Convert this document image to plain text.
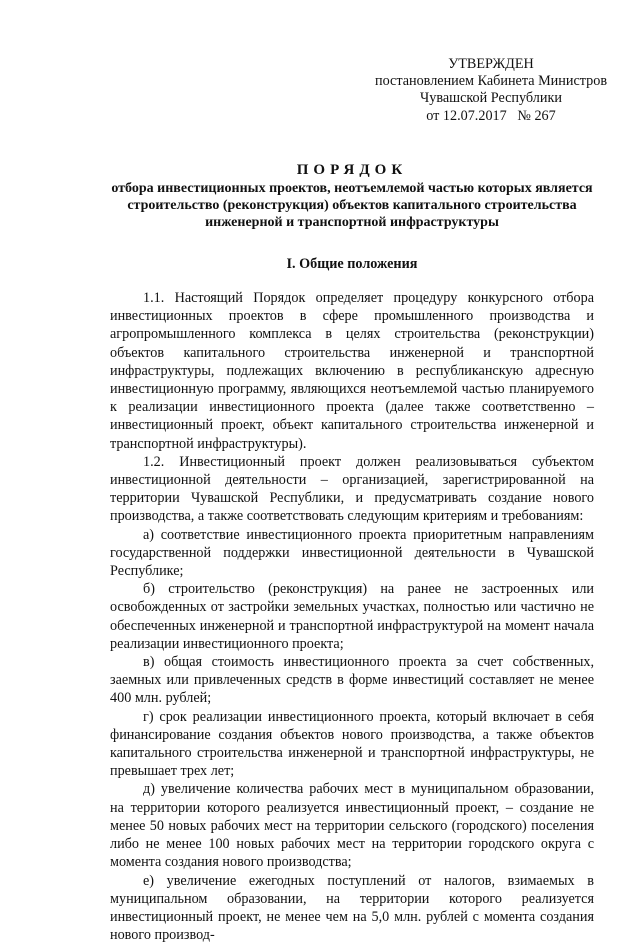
УТВЕРЖДЕН
постановлением Кабинета Министров
Чувашской Республики
от 12.07.2017   № 267
ПОРЯДОК
отбора инвестиционных проектов, неотъемлемой частью которых является строительство (реконструкция) объектов капитального строительства инженерной и транспортной инфраструктуры
I. Общие положения

1.1. Настоящий Порядок определяет процедуру конкурсного отбора инвестиционных проектов в сфере промышленного производства и агропромышленного комплекса в целях строительства (реконструкции) объектов капитального строительства инженерной и транспортной инфраструктуры, подлежащих включению в республиканскую адресную инвестиционную программу, являющихся неотъемлемой частью планируемого к реализации инвестиционного проекта (далее также соответственно – инвестиционный проект, объект капитального строительства инженерной и транспортной инфраструктуры).

1.2. Инвестиционный проект должен реализовываться субъектом инвестиционной деятельности – организацией, зарегистрированной на территории Чувашской Республики, и предусматривать создание нового производства, а также соответствовать следующим критериям и требованиям:

а) соответствие инвестиционного проекта приоритетным направлениям государственной поддержки инвестиционной деятельности в Чувашской Республике;

б) строительство (реконструкция) на ранее не застроенных или освобожденных от застройки земельных участках, полностью или частично не обеспеченных инженерной и транспортной инфраструктурой на момент начала реализации инвестиционного проекта;

в) общая стоимость инвестиционного проекта за счет собственных, заемных или привлеченных средств в форме инвестиций составляет не менее 400 млн. рублей;

г) срок реализации инвестиционного проекта, который включает в себя финансирование создания объектов нового производства, а также объектов капитального строительства инженерной и транспортной инфраструктуры, не превышает трех лет;

д) увеличение количества рабочих мест в муниципальном образовании, на территории которого реализуется инвестиционный проект, – создание не менее 50 новых рабочих мест на территории сельского (городского) поселения либо не менее 100 новых рабочих мест на территории городского округа с момента создания нового производства;

е) увеличение ежегодных поступлений от налогов, взимаемых в муниципальном образовании, на территории которого реализуется инвестиционный проект, не менее чем на 5,0 млн. рублей с момента создания нового производ-
